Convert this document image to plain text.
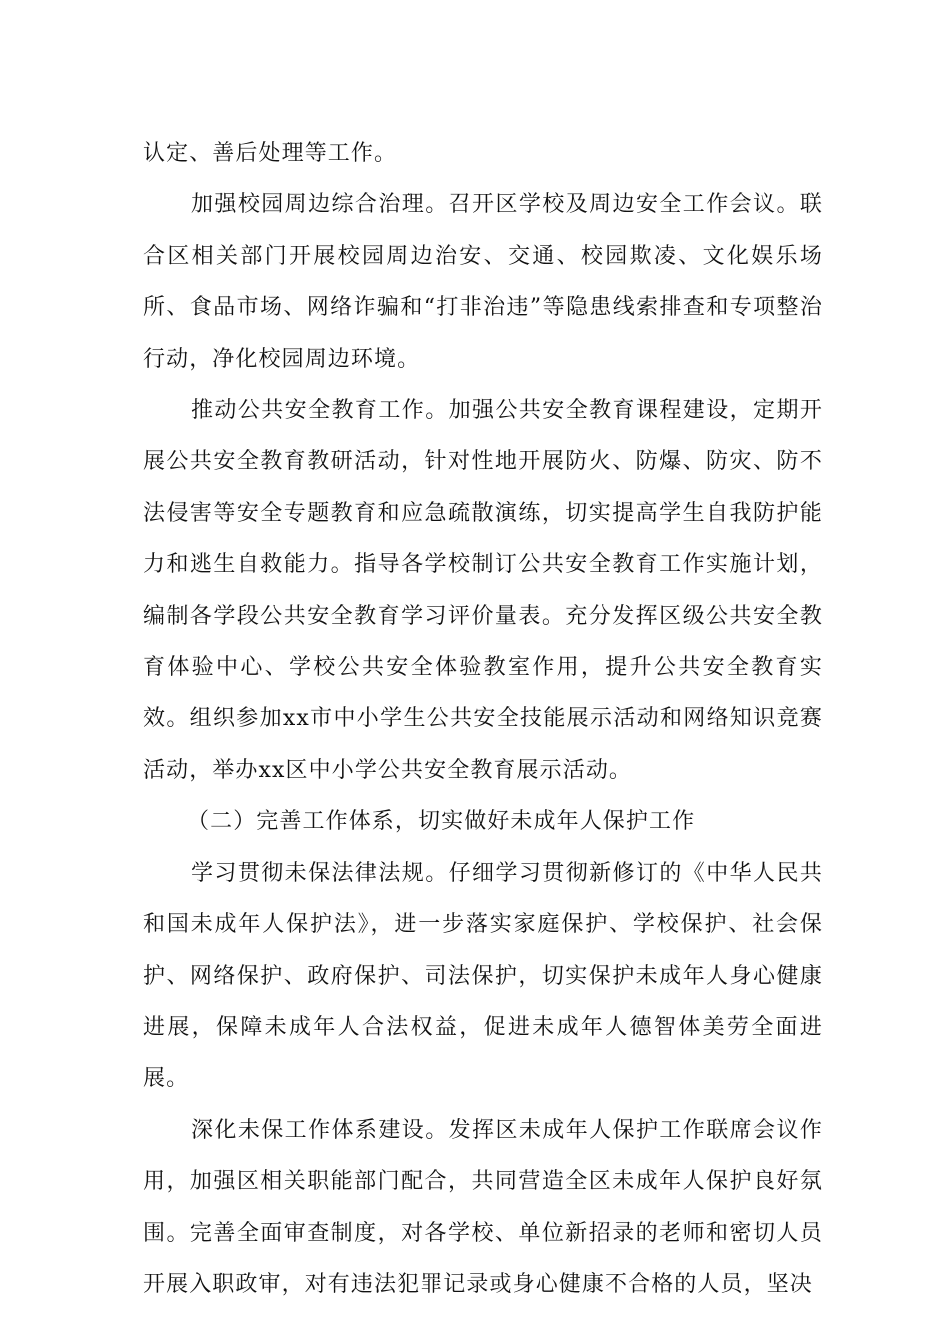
认定、善后处理等工作。

加强校园周边综合治理。召开区学校及周边安全工作会议。联合区相关部门开展校园周边治安、交通、校园欺凌、文化娱乐场所、食品市场、网络诈骗和“打非治违”等隐患线索排查和专项整治行动，净化校园周边环境。

推动公共安全教育工作。加强公共安全教育课程建设，定期开展公共安全教育教研活动，针对性地开展防火、防爆、防灾、防不法侵害等安全专题教育和应急疏散演练，切实提高学生自我防护能力和逃生自救能力。指导各学校制订公共安全教育工作实施计划，编制各学段公共安全教育学习评价量表。充分发挥区级公共安全教育体验中心、学校公共安全体验教室作用，提升公共安全教育实效。组织参加xx市中小学生公共安全技能展示活动和网络知识竞赛活动，举办xx区中小学公共安全教育展示活动。

（二）完善工作体系，切实做好未成年人保护工作

学习贯彻未保法律法规。仔细学习贯彻新修订的《中华人民共和国未成年人保护法》，进一步落实家庭保护、学校保护、社会保护、网络保护、政府保护、司法保护，切实保护未成年人身心健康进展，保障未成年人合法权益，促进未成年人德智体美劳全面进展。

深化未保工作体系建设。发挥区未成年人保护工作联席会议作用，加强区相关职能部门配合，共同营造全区未成年人保护良好氛围。完善全面审查制度，对各学校、单位新招录的老师和密切人员开展入职政审，对有违法犯罪记录或身心健康不合格的人员，坚决
